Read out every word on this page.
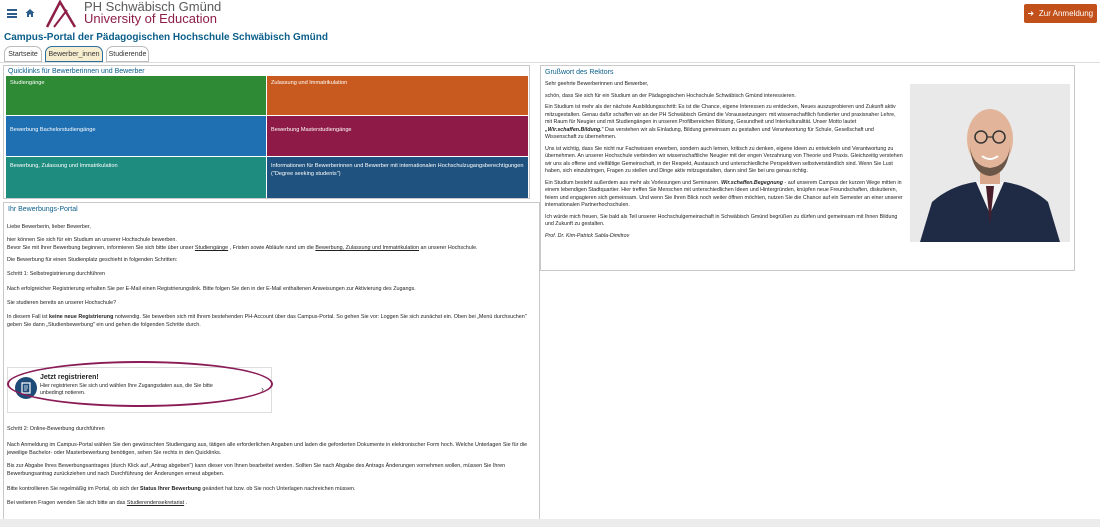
PH Schwäbisch Gmünd
University of Education	Zur Anmeldung
Campus-Portal der Pädagogischen Hochschule Schwäbisch Gmünd
Startseite	Bewerber_innen	Studierende
Quicklinks für Bewerberinnen und Bewerber
Studiengänge	Zulassung und Immatrikulation
Bewerbung Bachelorstudiengänge	Bewerbung Masterstudiengänge
Bewerbung, Zulassung und Immatrikulation	Informationen für Bewerberinnen und Bewerber mit internationalen Hochschulzugangsberechtigungen ("Degree seeking students")
Ihr Bewerbungs-Portal

Liebe Bewerberin, lieber Bewerber,

hier können Sie sich für ein Studium an unserer Hochschule bewerben.
Bevor Sie mit Ihrer Bewerbung beginnen, informieren Sie sich bitte über unser Studiengänge , Fristen sowie Abläufe rund um die Bewerbung, Zulassung und Immatrikulation an unserer Hochschule.

Die Bewerbung für einen Studienplatz geschieht in folgenden Schritten:

Schritt 1: Selbstregistrierung durchführen

Nach erfolgreicher Registrierung erhalten Sie per E-Mail einen Registrierungslink. Bitte folgen Sie den in der E-Mail enthaltenen Anweisungen zur Aktivierung des Zugangs.

Sie studieren bereits an unserer Hochschule?

In diesem Fall ist keine neue Registrierung notwendig. Sie bewerben sich mit Ihrem bestehenden PH-Account über das Campus-Portal. So gehen Sie vor: Loggen Sie sich zunächst ein. Oben bei „Menü durchsuchen" geben Sie dann „Studienbewerbung" ein und gehen die folgenden Schritte durch.

Jetzt registrieren!
Hier registrieren Sie sich und wählen Ihre Zugangsdaten aus, die Sie bitte unbedingt notieren.	›

Schritt 2: Online-Bewerbung durchführen

Nach Anmeldung im Campus-Portal wählen Sie den gewünschten Studiengang aus, tätigen alle erforderlichen Angaben und laden die geforderten Dokumente in elektronischer Form hoch. Welche Unterlagen Sie für die jeweilige Bachelor- oder Masterbewerbung benötigen, sehen Sie rechts in den Quicklinks.

Bis zur Abgabe Ihres Bewerbungsantrages (durch Klick auf „Antrag abgeben") kann dieser von Ihnen bearbeitet werden. Sollten Sie nach Abgabe des Antrags Änderungen vornehmen wollen, müssen Sie Ihren Bewerbungsantrag zurückziehen und nach Durchführung der Änderungen erneut abgeben.

Bitte kontrollieren Sie regelmäßig im Portal, ob sich der Status Ihrer Bewerbung geändert hat bzw. ob Sie noch Unterlagen nachreichen müssen.

Bei weiteren Fragen wenden Sie sich bitte an das Studierendensekretariat .

Grußwort des Rektors

Sehr geehrte Bewerberinnen und Bewerber,

schön, dass Sie sich für ein Studium an der Pädagogischen Hochschule Schwäbisch Gmünd interessieren.

Ein Studium ist mehr als der nächste Ausbildungsschritt: Es ist die Chance, eigene Interessen zu entdecken, Neues auszuprobieren und Zukunft aktiv mitzugestalten. Genau dafür schaffen wir an der PH Schwäbisch Gmünd die Voraussetzungen: mit wissenschaftlich fundierter und praxisnaher Lehre, mit Raum für Neugier und mit Studiengängen in unseren Profilbereichen Bildung, Gesundheit und Interkulturalität. Unser Motto lautet „Wir.schaffen.Bildung." Das verstehen wir als Einladung, Bildung gemeinsam zu gestalten und Verantwortung für Schule, Gesellschaft und Wissenschaft zu übernehmen.

Uns ist wichtig, dass Sie nicht nur Fachwissen erwerben, sondern auch lernen, kritisch zu denken, eigene Ideen zu entwickeln und Verantwortung zu übernehmen. An unserer Hochschule verbinden wir wissenschaftliche Neugier mit der engen Verzahnung von Theorie und Praxis. Gleichzeitig verstehen wir uns als offene und vielfältige Gemeinschaft, in der Respekt, Austausch und unterschiedliche Perspektiven selbstverständlich sind. Wenn Sie Lust haben, sich einzubringen, Fragen zu stellen und Dinge aktiv mitzugestalten, dann sind Sie bei uns genau richtig.

Ein Studium besteht außerdem aus mehr als Vorlesungen und Seminaren. Wir.schaffen.Begegnung - auf unserem Campus der kurzen Wege mitten in einem lebendigen Stadtquartier. Hier treffen Sie Menschen mit unterschiedlichen Ideen und Hintergründen, knüpfen neue Freundschaften, diskutieren, feiern und engagieren sich gemeinsam. Und wenn Sie Ihren Blick noch weiter öffnen möchten, nutzen Sie die Chance auf ein Semester an einer unserer internationalen Partnerhochschulen.

Ich würde mich freuen, Sie bald als Teil unserer Hochschulgemeinschaft in Schwäbisch Gmünd begrüßen zu dürfen und gemeinsam mit Ihnen Bildung und Zukunft zu gestalten.

Prof. Dr. Kim-Patrick Sabla-Dimitrov
